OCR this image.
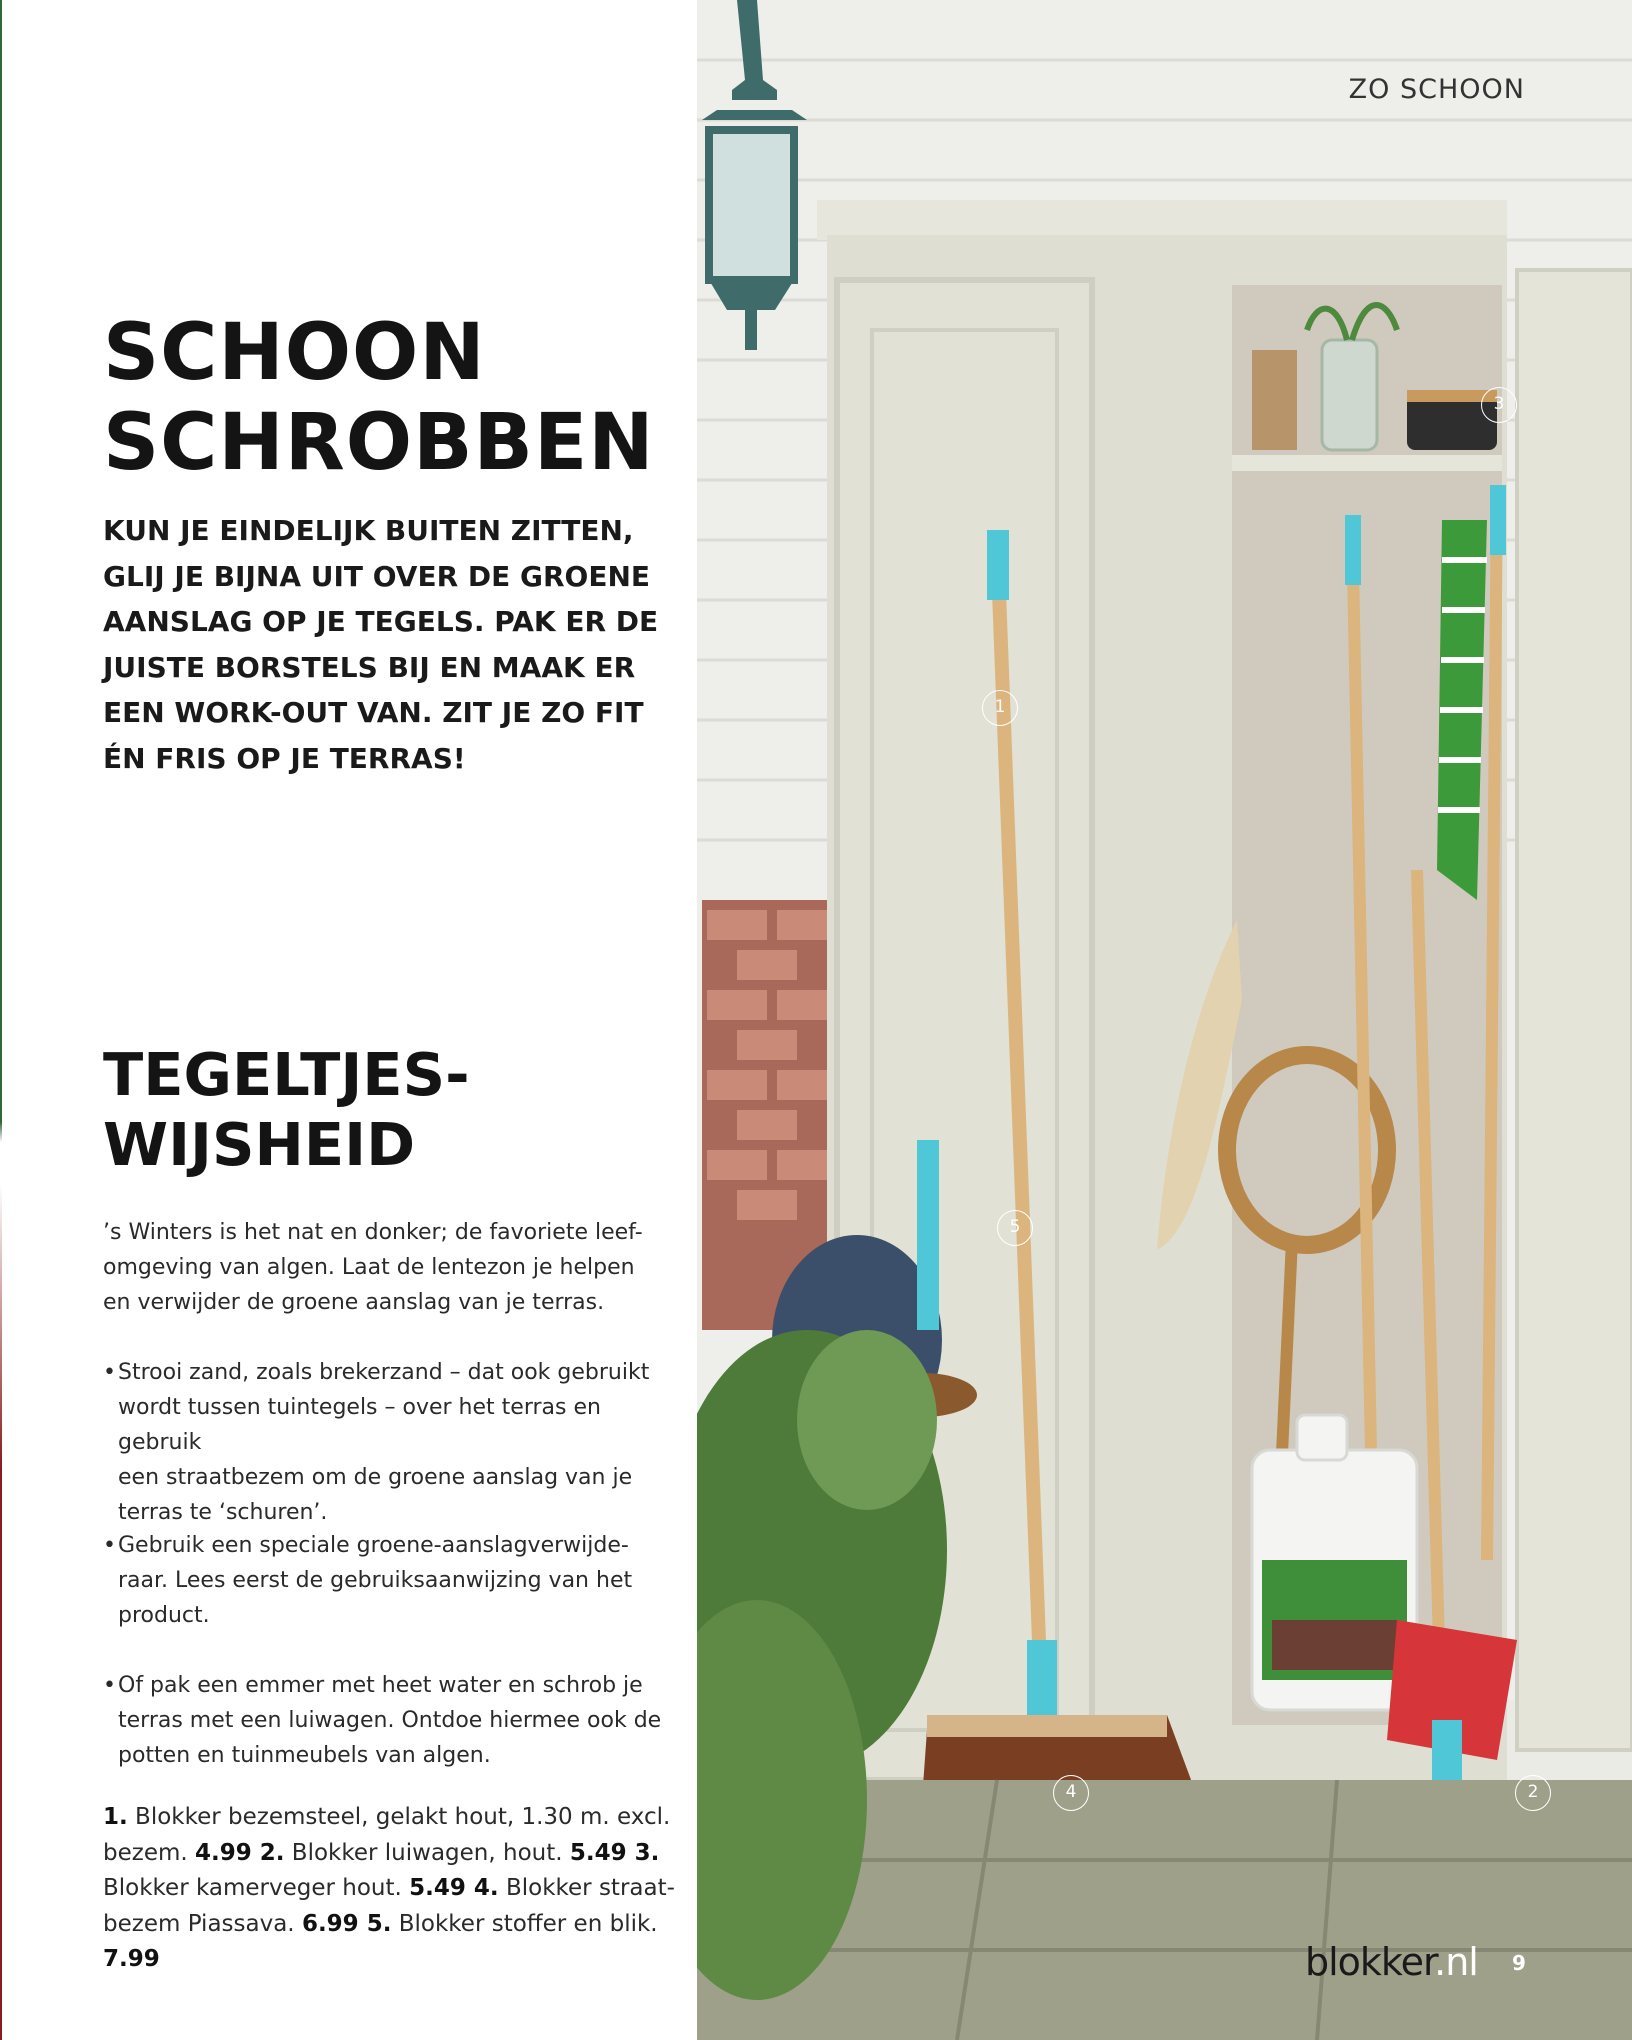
SCHOON
SCHROBBEN
KUN JE EINDELIJK BUITEN ZITTEN,
GLIJ JE BIJNA UIT OVER DE GROENE
AANSLAG OP JE TEGELS. PAK ER DE
JUISTE BORSTELS BIJ EN MAAK ER
EEN WORK-OUT VAN. ZIT JE ZO FIT
ÉN FRIS OP JE TERRAS!
TEGELTJES-
WIJSHEID
’s Winters is het nat en donker; de favoriete leef-
omgeving van algen. Laat de lentezon je helpen
en verwijder de groene aanslag van je terras.
• Strooi zand, zoals brekerzand – dat ook gebruikt
wordt tussen tuintegels – over het terras en gebruik
een straatbezem om de groene aanslag van je
terras te ‘schuren’.
• Gebruik een speciale groene-aanslagverwijde-
raar. Lees eerst de gebruiksaanwijzing van het
product.
• Of pak een emmer met heet water en schrob je
terras met een luiwagen. Ontdoe hiermee ook de
potten en tuinmeubels van algen.
1. Blokker bezemsteel, gelakt hout, 1.30 m. excl. bezem. 4.99 2. Blokker luiwagen, hout. 5.49 3. Blokker kamerveger hout. 5.49 4. Blokker straat-bezem Piassava. 6.99 5. Blokker stoffer en blik. 7.99
ZO SCHOON
1
2
3
4
5
blokker.nl 9
